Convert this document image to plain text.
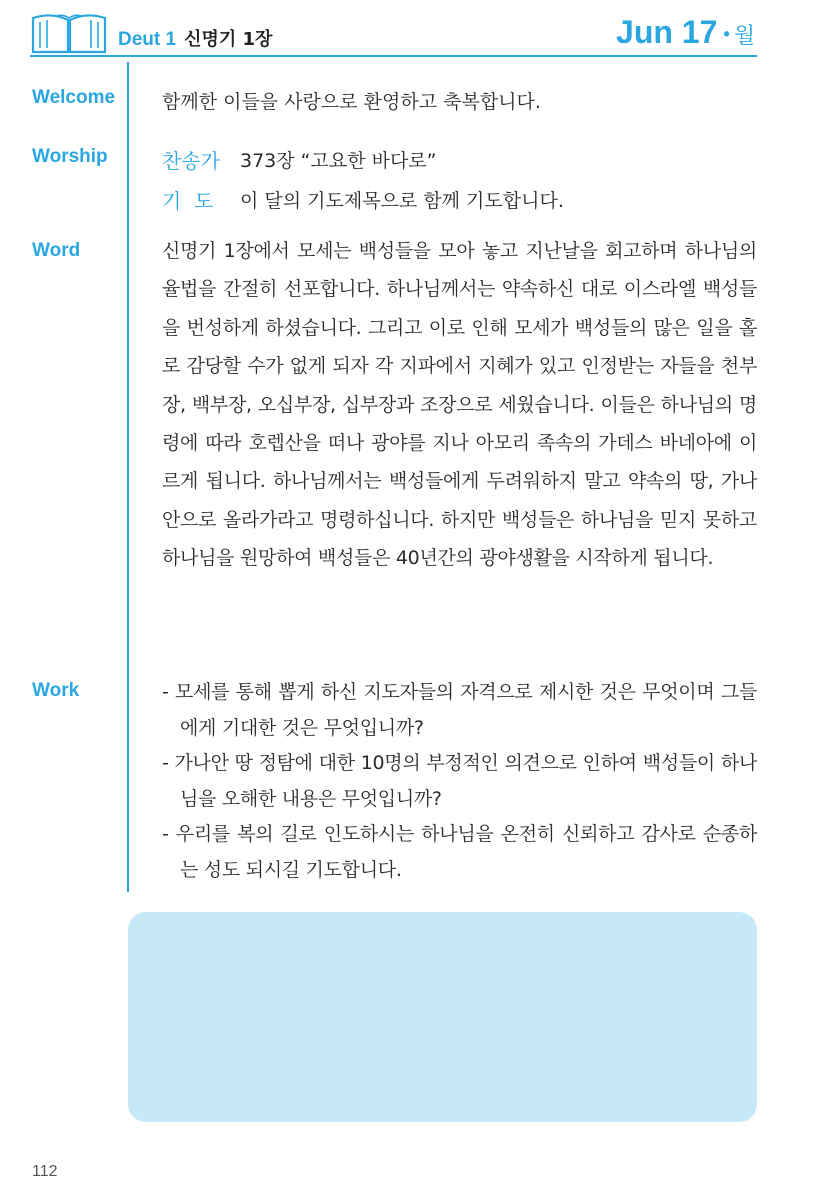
Deut 1 신명기 1장	Jun 17 • 월
Welcome 함께한 이들을 사랑으로 환영하고 축복합니다.
Worship	찬송가	373장 “고요한 바다로”
기  도	이 달의 기도제목으로 함께 기도합니다.
Word	신명기 1장에서 모세는 백성들을 모아 놓고 지난날을 회고하며 하나님의 율법을 간절히 선포합니다. 하나님께서는 약속하신 대로 이스라엘 백성들을 번성하게 하셨습니다. 그리고 이로 인해 모세가 백성들의 많은 일을 홀로 감당할 수가 없게 되자 각 지파에서 지혜가 있고 인정받는 자들을 천부장, 백부장, 오십부장, 십부장과 조장으로 세웠습니다. 이들은 하나님의 명령에 따라 호렙산을 떠나 광야를 지나 아모리 족속의 가데스 바네아에 이르게 됩니다. 하나님께서는 백성들에게 두려워하지 말고 약속의 땅, 가나안으로 올라가라고 명령하십니다. 하지만 백성들은 하나님을 믿지 못하고 하나님을 원망하여 백성들은 40년간의 광야생활을 시작하게 됩니다.
Work	- 모세를 통해 뽑게 하신 지도자들의 자격으로 제시한 것은 무엇이며 그들에게 기대한 것은 무엇입니까?
- 가나안 땅 정탐에 대한 10명의 부정적인 의견으로 인하여 백성들이 하나님을 오해한 내용은 무엇입니까?
- 우리를 복의 길로 인도하시는 하나님을 온전히 신뢰하고 감사로 순종하는 성도 되시길 기도합니다.
112
